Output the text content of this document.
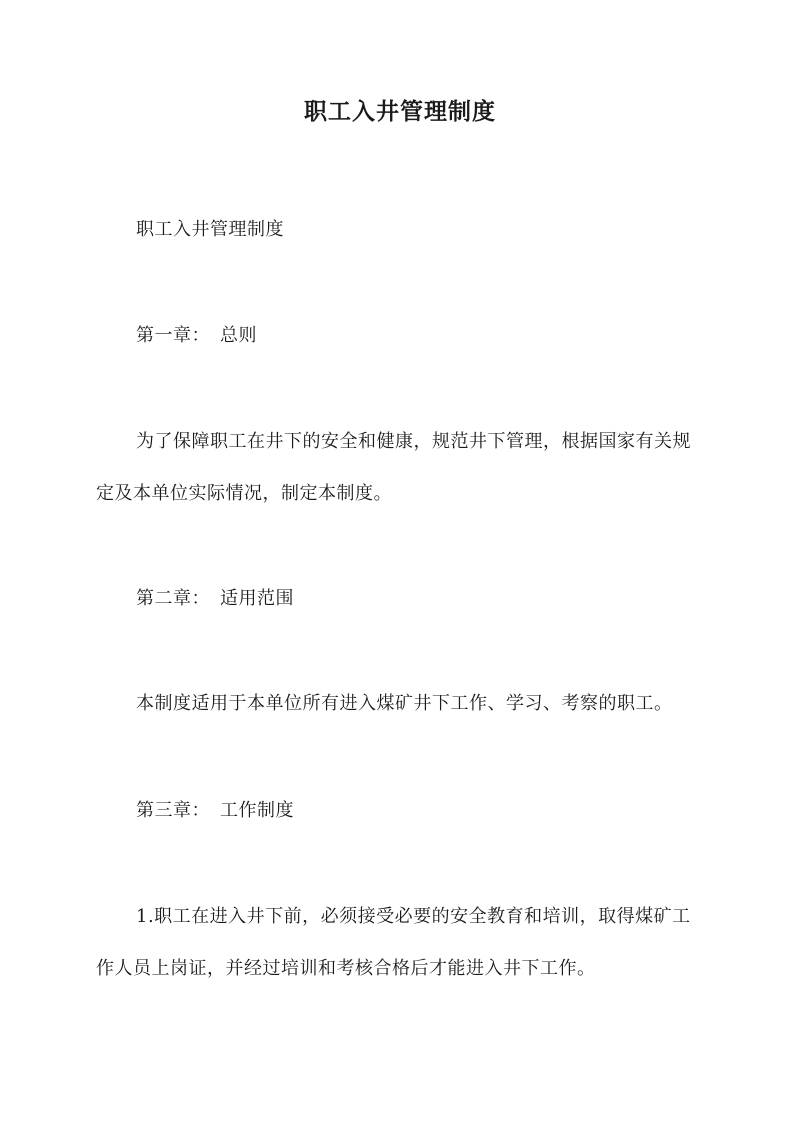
职工入井管理制度

职工入井管理制度

第一章： 总则

为了保障职工在井下的安全和健康，规范井下管理，根据国家有关规

定及本单位实际情况，制定本制度。

第二章： 适用范围

本制度适用于本单位所有进入煤矿井下工作、学习、考察的职工。

第三章： 工作制度

1.职工在进入井下前，必须接受必要的安全教育和培训，取得煤矿工

作人员上岗证，并经过培训和考核合格后才能进入井下工作。
